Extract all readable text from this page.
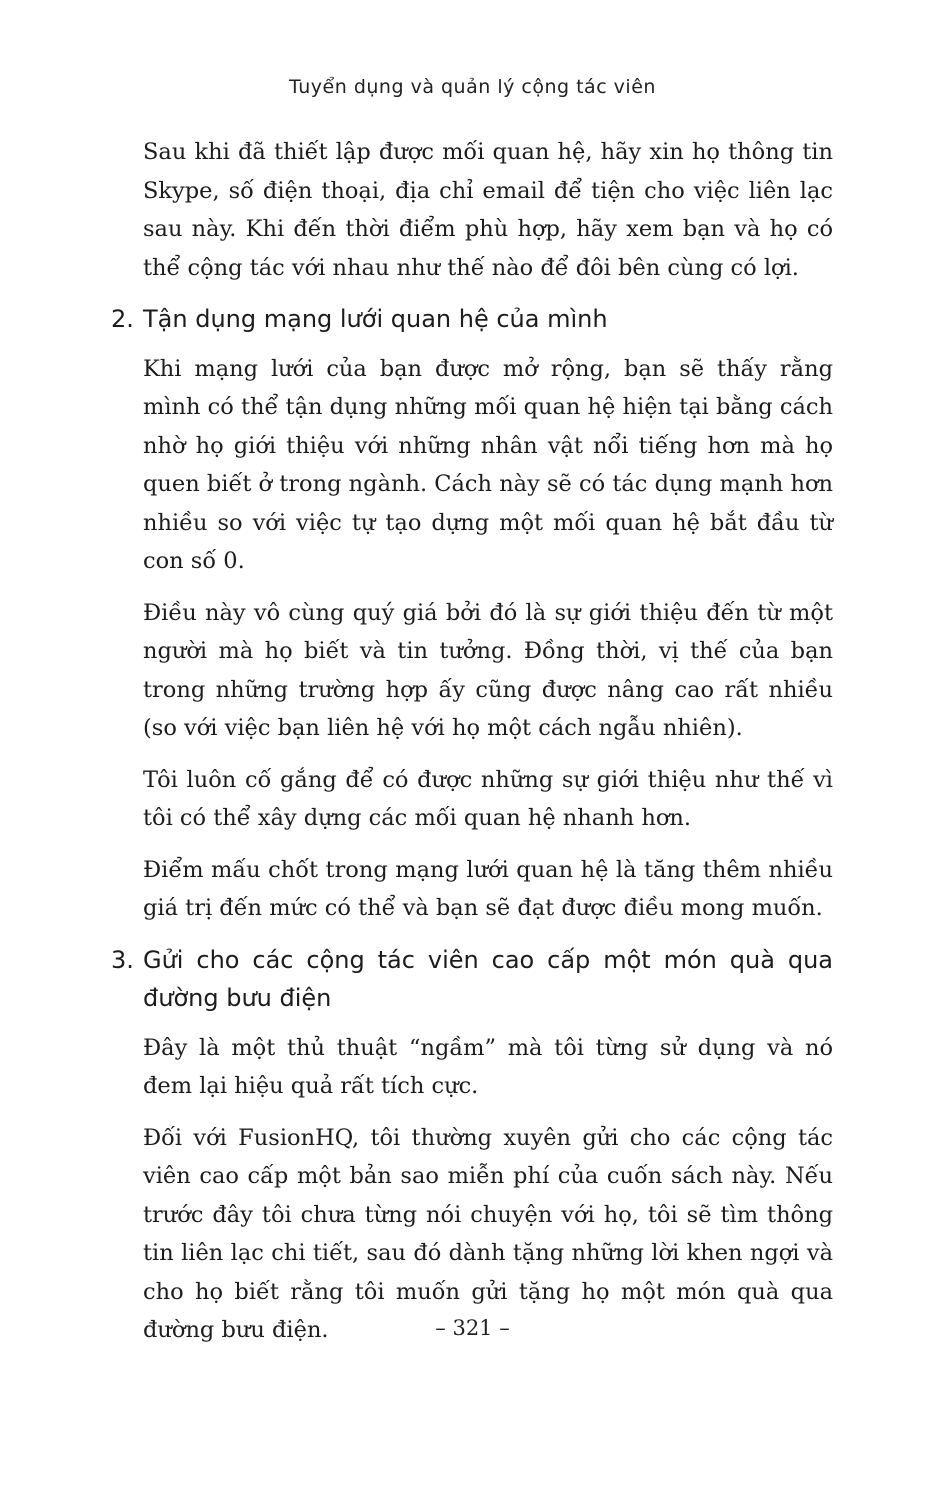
Tuyển dụng và quản lý cộng tác viên

Sau khi đã thiết lập được mối quan hệ, hãy xin họ thông tin Skype, số điện thoại, địa chỉ email để tiện cho việc liên lạc sau này. Khi đến thời điểm phù hợp, hãy xem bạn và họ có thể cộng tác với nhau như thế nào để đôi bên cùng có lợi.

2. Tận dụng mạng lưới quan hệ của mình

Khi mạng lưới của bạn được mở rộng, bạn sẽ thấy rằng mình có thể tận dụng những mối quan hệ hiện tại bằng cách nhờ họ giới thiệu với những nhân vật nổi tiếng hơn mà họ quen biết ở trong ngành. Cách này sẽ có tác dụng mạnh hơn nhiều so với việc tự tạo dựng một mối quan hệ bắt đầu từ con số 0.

Điều này vô cùng quý giá bởi đó là sự giới thiệu đến từ một người mà họ biết và tin tưởng. Đồng thời, vị thế của bạn trong những trường hợp ấy cũng được nâng cao rất nhiều (so với việc bạn liên hệ với họ một cách ngẫu nhiên).

Tôi luôn cố gắng để có được những sự giới thiệu như thế vì tôi có thể xây dựng các mối quan hệ nhanh hơn.

Điểm mấu chốt trong mạng lưới quan hệ là tăng thêm nhiều giá trị đến mức có thể và bạn sẽ đạt được điều mong muốn.

3. Gửi cho các cộng tác viên cao cấp một món quà qua đường bưu điện

Đây là một thủ thuật “ngầm” mà tôi từng sử dụng và nó đem lại hiệu quả rất tích cực.

Đối với FusionHQ, tôi thường xuyên gửi cho các cộng tác viên cao cấp một bản sao miễn phí của cuốn sách này. Nếu trước đây tôi chưa từng nói chuyện với họ, tôi sẽ tìm thông tin liên lạc chi tiết, sau đó dành tặng những lời khen ngợi và cho họ biết rằng tôi muốn gửi tặng họ một món quà qua đường bưu điện.	– 321 –
